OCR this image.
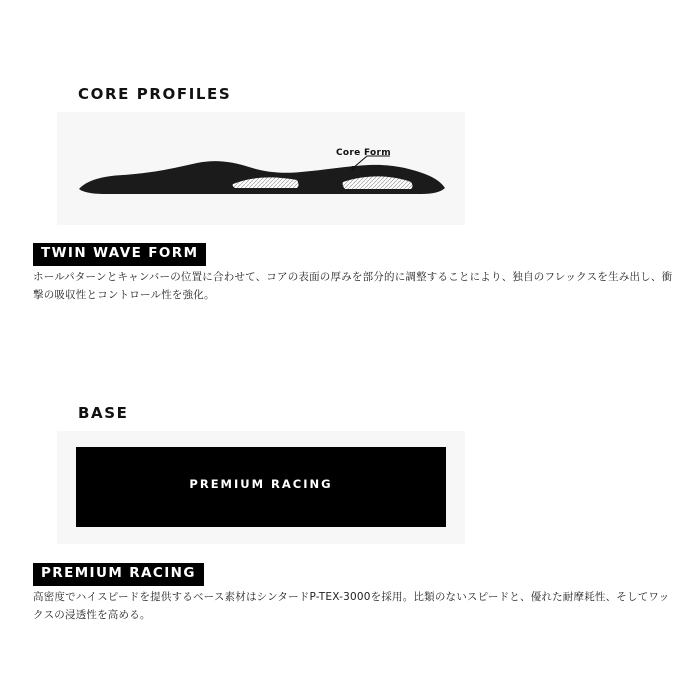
CORE PROFILES
Core Form
TWIN WAVE FORM

ホールパターンとキャンバーの位置に合わせて、コアの表面の厚みを部分的に調整することにより、独自のフレックスを生み出し、衝撃の吸収性とコントロール性を強化。

BASE
PREMIUM RACING
PREMIUM RACING

高密度でハイスピードを提供するベース素材はシンタードP-TEX-3000を採用。比類のないスピードと、優れた耐摩耗性、そしてワックスの浸透性を高める。
